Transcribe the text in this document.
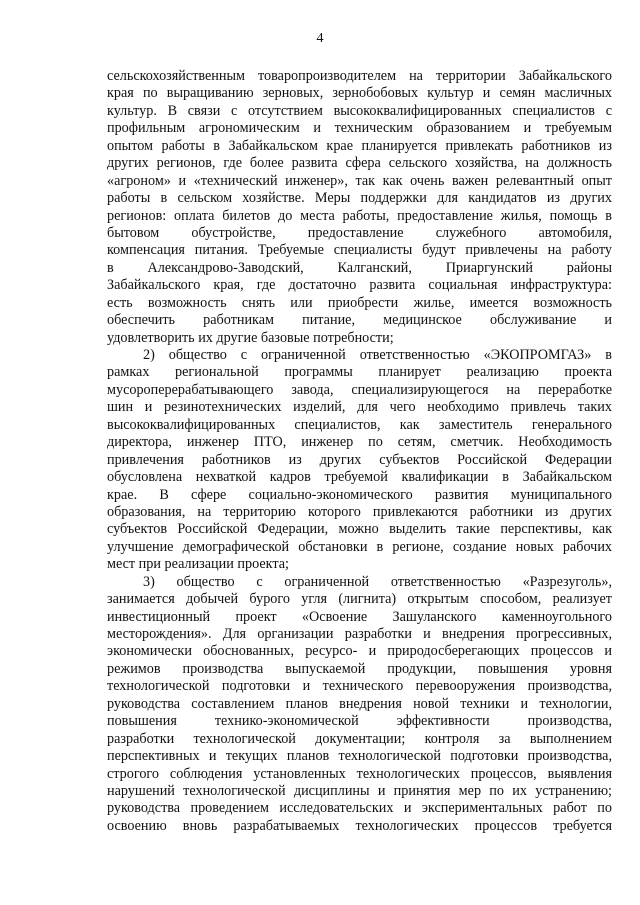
4
сельскохозяйственным товаропроизводителем на территории Забайкальского
края по выращиванию зерновых, зернобобовых культур и семян масличных
культур. В связи с отсутствием высококвалифицированных специалистов с
профильным агрономическим и техническим образованием и требуемым
опытом работы в Забайкальском крае планируется привлекать работников из
других регионов, где более развита сфера сельского хозяйства, на должность
«агроном» и «технический инженер», так как очень важен релевантный опыт
работы в сельском хозяйстве. Меры поддержки для кандидатов из других
регионов: оплата билетов до места работы, предоставление жилья, помощь в
бытовом обустройстве, предоставление служебного автомобиля,
компенсация питания. Требуемые специалисты будут привлечены на работу
в Александрово-Заводский, Калганский, Приаргунский районы
Забайкальского края, где достаточно развита социальная инфраструктура:
есть возможность снять или приобрести жилье, имеется возможность
обеспечить работникам питание, медицинское обслуживание и
удовлетворить их другие базовые потребности;
2) общество с ограниченной ответственностью «ЭКОПРОМГАЗ» в
рамках региональной программы планирует реализацию проекта
мусороперерабатывающего завода, специализирующегося на переработке
шин и резинотехнических изделий, для чего необходимо привлечь таких
высококвалифицированных специалистов, как заместитель генерального
директора, инженер ПТО, инженер по сетям, сметчик. Необходимость
привлечения работников из других субъектов Российской Федерации
обусловлена нехваткой кадров требуемой квалификации в Забайкальском
крае. В сфере социально-экономического развития муниципального
образования, на территорию которого привлекаются работники из других
субъектов Российской Федерации, можно выделить такие перспективы, как
улучшение демографической обстановки в регионе, создание новых рабочих
мест при реализации проекта;
3) общество с ограниченной ответственностью «Разрезуголь»,
занимается добычей бурого угля (лигнита) открытым способом, реализует
инвестиционный проект «Освоение Зашуланского каменноугольного
месторождения». Для организации разработки и внедрения прогрессивных,
экономически обоснованных, ресурсо- и природосберегающих процессов и
режимов производства выпускаемой продукции, повышения уровня
технологической подготовки и технического перевооружения производства,
руководства составлением планов внедрения новой техники и технологии,
повышения технико-экономической эффективности производства,
разработки технологической документации; контроля за выполнением
перспективных и текущих планов технологической подготовки производства,
строгого соблюдения установленных технологических процессов, выявления
нарушений технологической дисциплины и принятия мер по их устранению;
руководства проведением исследовательских и экспериментальных работ по
освоению вновь разрабатываемых технологических процессов требуется
